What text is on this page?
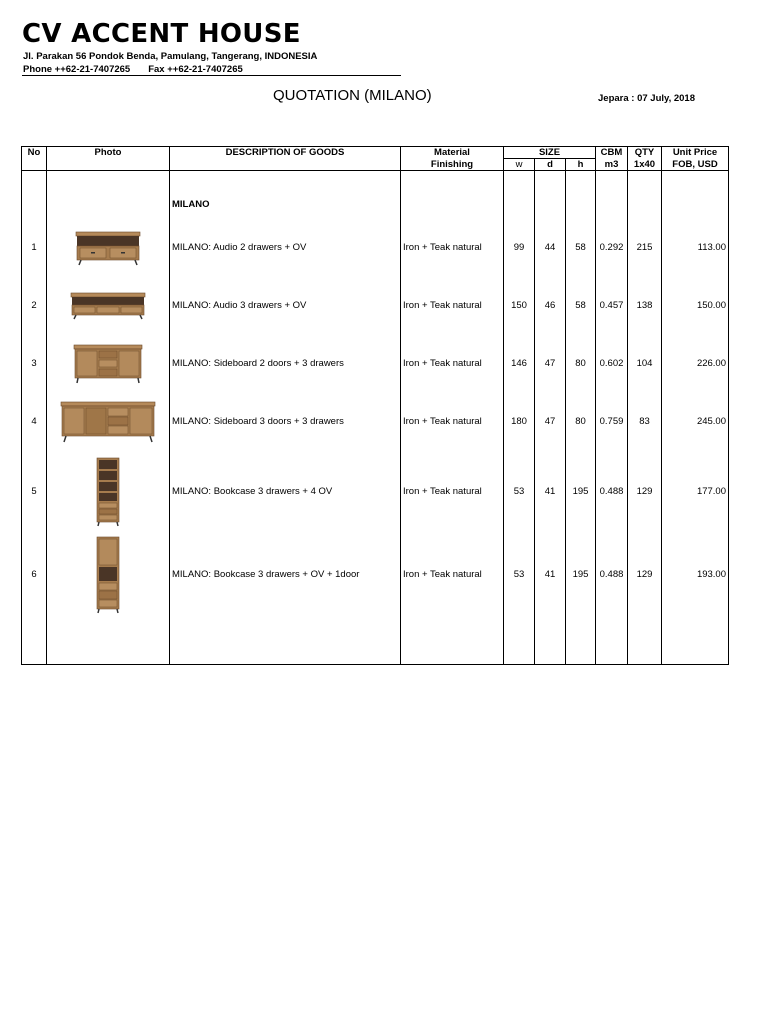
CV ACCENT HOUSE
Jl. Parakan 56 Pondok Benda, Pamulang, Tangerang, INDONESIA
Phone ++62-21-7407265 Fax ++62-21-7407265
QUOTATION (MILANO)	Jepara : 07 July, 2018
No	Photo	DESCRIPTION OF GOODS	Material	SIZE			CBM	QTY	Unit Price
			Finishing	w	d	h	m3	1x40	FOB, USD
		MILANO							
1		MILANO: Audio 2 drawers + OV	Iron + Teak natural	99	44	58	0.292	215	113.00
2		MILANO: Audio 3 drawers + OV	Iron + Teak natural	150	46	58	0.457	138	150.00
3		MILANO: Sideboard 2 doors + 3 drawers	Iron + Teak natural	146	47	80	0.602	104	226.00
4		MILANO: Sideboard 3 doors + 3 drawers	Iron + Teak natural	180	47	80	0.759	83	245.00
5		MILANO: Bookcase 3 drawers + 4 OV	Iron + Teak natural	53	41	195	0.488	129	177.00
6		MILANO: Bookcase 3 drawers + OV + 1door	Iron + Teak natural	53	41	195	0.488	129	193.00
